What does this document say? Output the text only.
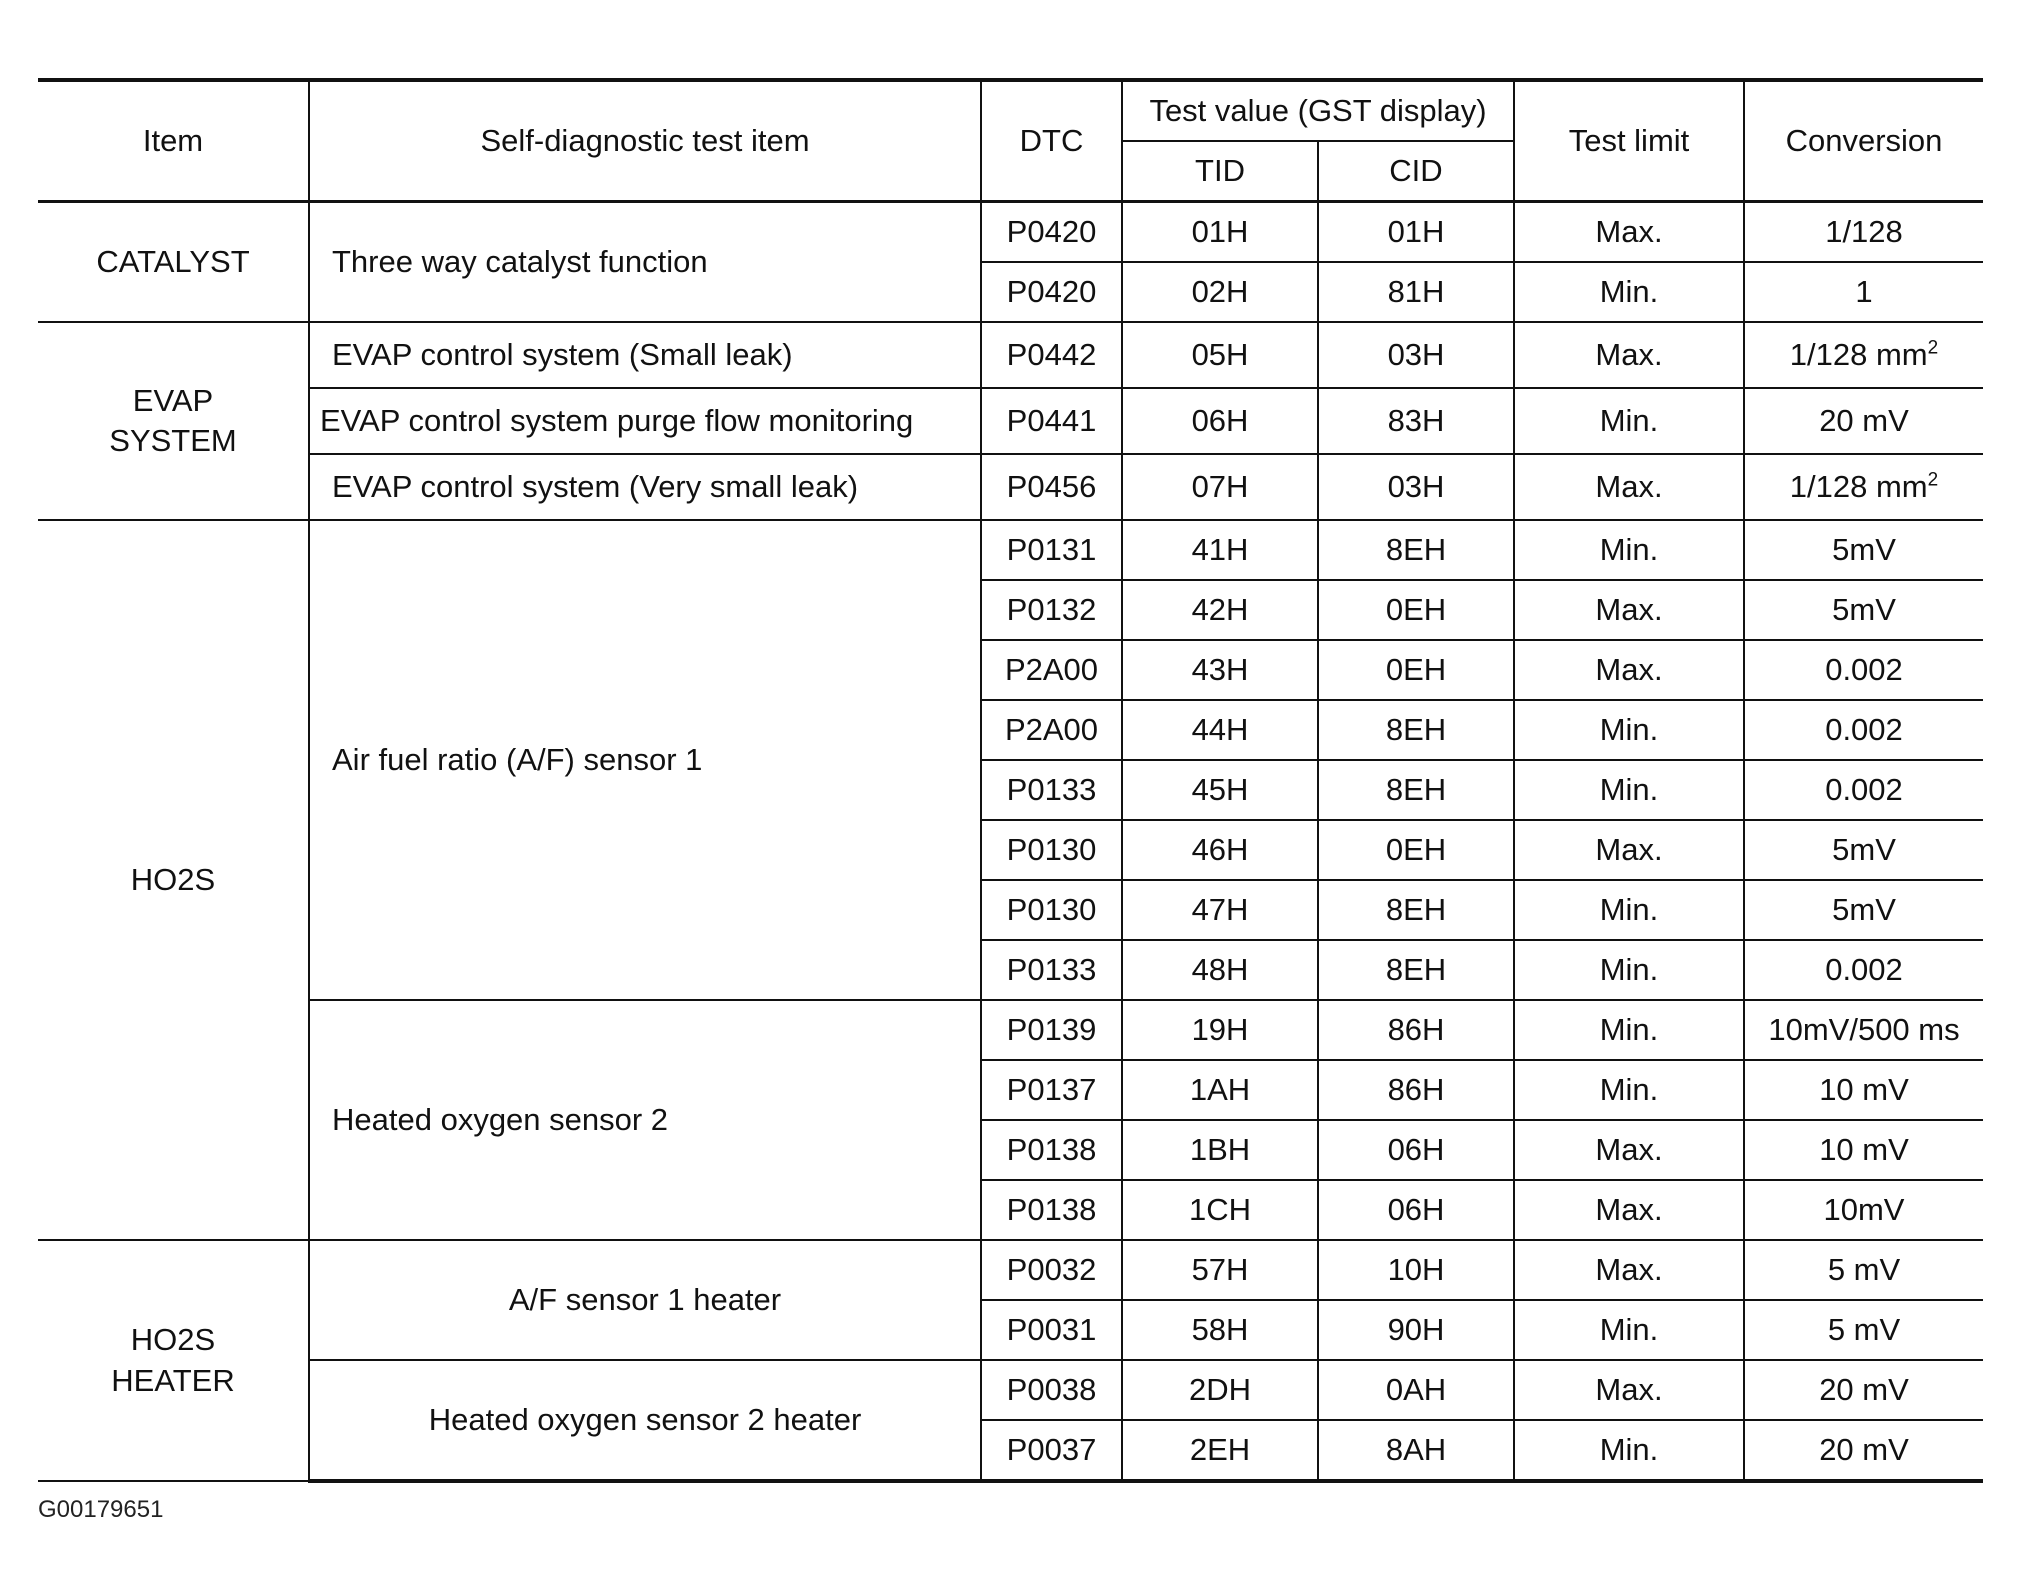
Item	Self-diagnostic test item	DTC	Test value (GST display)		Test limit	Conversion
			TID	CID		
CATALYST	Three way catalyst function	P0420	01H	01H	Max.	1/128
		P0420	02H	81H	Min.	1
EVAP
SYSTEM	EVAP control system (Small leak)	P0442	05H	03H	Max.	1/128 $mm^2$
	EVAP control system purge flow monitoring	P0441	06H	83H	Min.	20 mV
	EVAP control system (Very small leak)	P0456	07H	03H	Max.	1/128 $mm^2$
HO2S	Air fuel ratio (A/F) sensor 1	P0131	41H	8EH	Min.	5mV
		P0132	42H	0EH	Max.	5mV
		P2A00	43H	0EH	Max.	0.002
		P2A00	44H	8EH	Min.	0.002
		P0133	45H	8EH	Min.	0.002
		P0130	46H	0EH	Max.	5mV
		P0130	47H	8EH	Min.	5mV
		P0133	48H	8EH	Min.	0.002
	Heated oxygen sensor 2	P0139	19H	86H	Min.	10mV/500 ms
		P0137	1AH	86H	Min.	10 mV
		P0138	1BH	06H	Max.	10 mV
		P0138	1CH	06H	Max.	10mV
HO2S
HEATER	A/F sensor 1 heater	P0032	57H	10H	Max.	5 mV
		P0031	58H	90H	Min.	5 mV
	Heated oxygen sensor 2 heater	P0038	2DH	0AH	Max.	20 mV
		P0037	2EH	8AH	Min.	20 mV
G00179651
